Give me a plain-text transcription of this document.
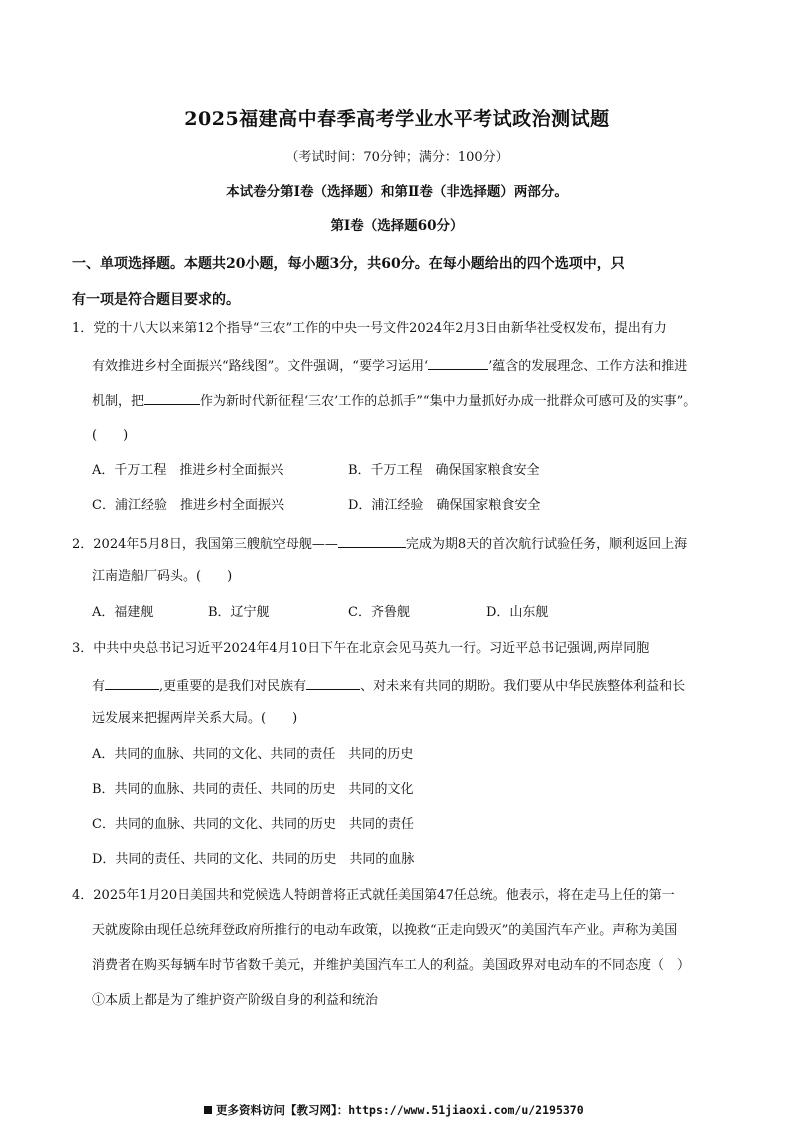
2025福建高中春季高考学业水平考试政治测试题
（考试时间：70分钟；满分：100分）
本试卷分第Ⅰ卷（选择题）和第Ⅱ卷（非选择题）两部分。
第Ⅰ卷（选择题60分）
一、单项选择题。本题共20小题，每小题3分，共60分。在每小题给出的四个选项中，只
有一项是符合题目要求的。
1．党的十八大以来第12个指导“三农”工作的中央一号文件2024年2月3日由新华社受权发布，提出有力
有效推进乡村全面振兴“路线图”。文件强调，“要学习运用‘	’蕴含的发展理念、工作方法和推进
机制，把	作为新时代新征程‘三农’工作的总抓手”“集中力量抓好办成一批群众可感可及的实事”。
(　　)
A．千万工程　推进乡村全面振兴	B．千万工程　确保国家粮食安全
C．浦江经验　推进乡村全面振兴	D．浦江经验　确保国家粮食安全
2．2024年5月8日，我国第三艘航空母舰——	完成为期8天的首次航行试验任务，顺利返回上海
江南造船厂码头。(　　)
A．福建舰	B．辽宁舰	C．齐鲁舰	D．山东舰
3．中共中央总书记习近平2024年4月10日下午在北京会见马英九一行。习近平总书记强调,两岸同胞
有	,更重要的是我们对民族有	、对未来有共同的期盼。我们要从中华民族整体利益和长
远发展来把握两岸关系大局。(　　)
A．共同的血脉、共同的文化、共同的责任　共同的历史
B．共同的血脉、共同的责任、共同的历史　共同的文化
C．共同的血脉、共同的文化、共同的历史　共同的责任
D．共同的责任、共同的文化、共同的历史　共同的血脉
4．2025年1月20日美国共和党候选人特朗普将正式就任美国第47任总统。他表示，将在走马上任的第一
天就废除由现任总统拜登政府所推行的电动车政策，以挽救“正走向毁灭”的美国汽车产业。声称为美国
消费者在购买每辆车时节省数千美元，并维护美国汽车工人的利益。美国政界对电动车的不同态度（　）
①本质上都是为了维护资产阶级自身的利益和统治
更多资料访问【教习网】：https://www.51jiaoxi.com/u/2195370
